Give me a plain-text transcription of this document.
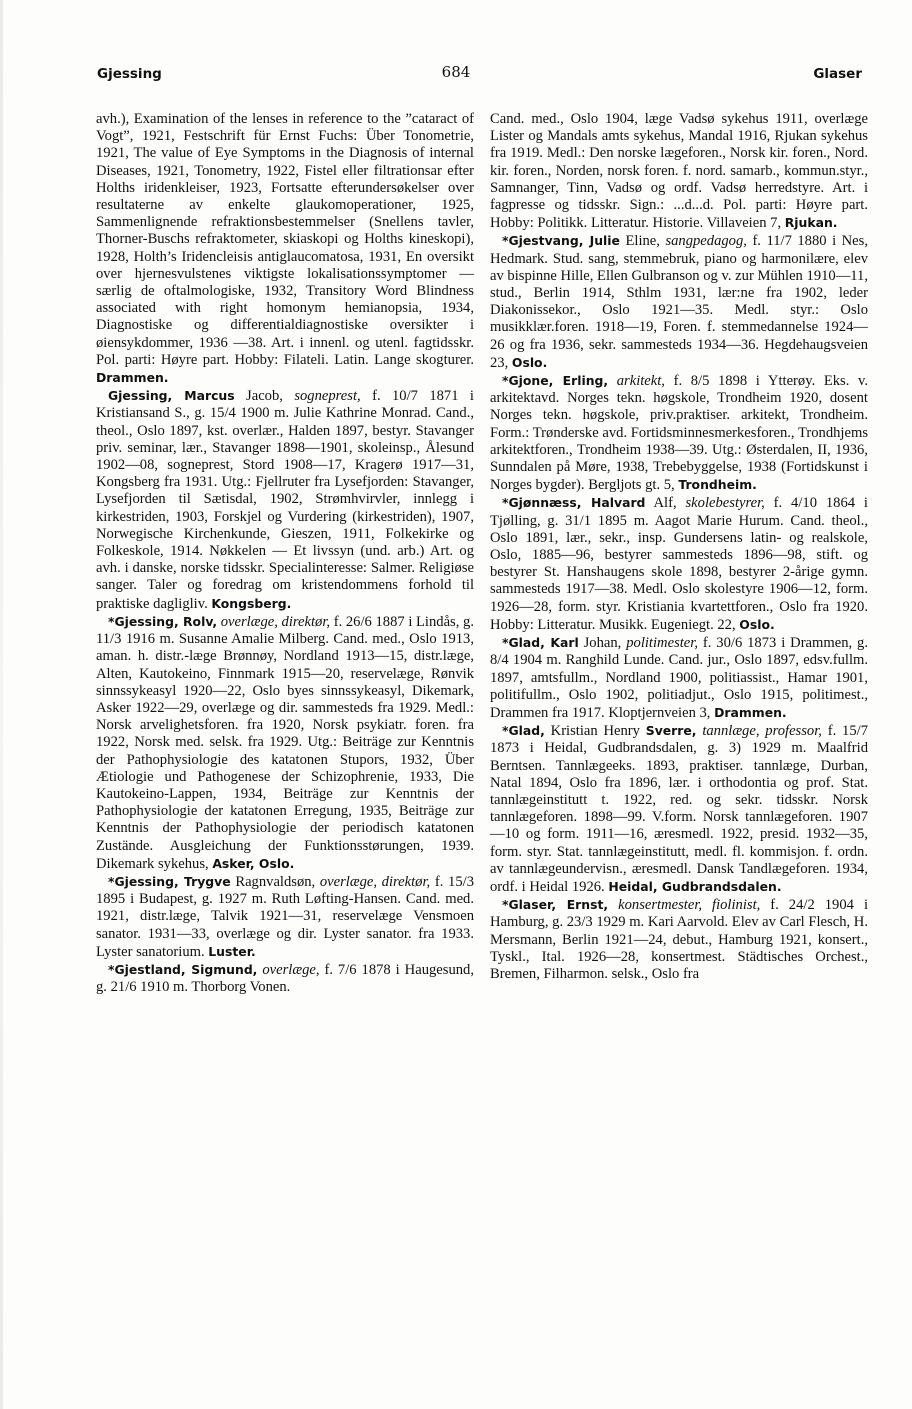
Gjessing	684	Glaser

avh.), Examination of the lenses in reference to the ”cataract of Vogt”, 1921, Festschrift für Ernst Fuchs: Über Tonometrie, 1921, The value of Eye Symptoms in the Diagnosis of internal Diseases, 1921, Tonometry, 1922, Fistel eller filtrationsar efter Holths iridenkleiser, 1923, Fortsatte efterundersøkelser over resultaterne av enkelte glaukomoperationer, 1925, Sammenlignende refraktionsbestemmelser (Snellens tavler, Thorner-Buschs refraktometer, skiaskopi og Holths kineskopi), 1928, Holth’s Iridencleisis antiglaucomatosa, 1931, En oversikt over hjernesvulstenes viktigste lokalisationssymptomer — særlig de oftalmologiske, 1932, Transitory Word Blindness associated with right homonym hemianopsia, 1934, Diagnostiske og differentialdiagnostiske oversikter i øiensykdommer, 1936 —38. Art. i innenl. og utenl. fagtidsskr. Pol. parti: Høyre part. Hobby: Filateli. Latin. Lange skogturer. Drammen.

Gjessing, Marcus Jacob, sogneprest, f. 10/7 1871 i Kristiansand S., g. 15/4 1900 m. Julie Kathrine Monrad. Cand., theol., Oslo 1897, kst. overlær., Halden 1897, bestyr. Stavanger priv. seminar, lær., Stavanger 1898—1901, skoleinsp., Ålesund 1902—08, sogneprest, Stord 1908—17, Kragerø 1917—31, Kongsberg fra 1931. Utg.: Fjellruter fra Lysefjorden: Stavanger, Lysefjorden til Sætisdal, 1902, Strømhvirvler, innlegg i kirkestriden, 1903, Forskjel og Vurdering (kirkestriden), 1907, Norwegische Kirchenkunde, Gieszen, 1911, Folkekirke og Folkeskole, 1914. Nøkkelen — Et livssyn (und. arb.) Art. og avh. i danske, norske tidsskr. Specialinteresse: Salmer. Religiøse sanger. Taler og foredrag om kristendommens forhold til praktiske dagligliv. Kongsberg.

*Gjessing, Rolv, overlæge, direktør, f. 26/6 1887 i Lindås, g. 11/3 1916 m. Susanne Amalie Milberg. Cand. med., Oslo 1913, aman. h. distr.-læge Brønnøy, Nordland 1913—15, distr.læge, Alten, Kautokeino, Finnmark 1915—20, reservelæge, Rønvik sinnssykeasyl 1920—22, Oslo byes sinnssykeasyl, Dikemark, Asker 1922—29, overlæge og dir. sammesteds fra 1929. Medl.: Norsk arvelighetsforen. fra 1920, Norsk psykiatr. foren. fra 1922, Norsk med. selsk. fra 1929. Utg.: Beiträge zur Kenntnis der Pathophysiologie des katatonen Stupors, 1932, Über Ætiologie und Pathogenese der Schizophrenie, 1933, Die Kautokeino-Lappen, 1934, Beiträge zur Kenntnis der Pathophysiologie der katatonen Erregung, 1935, Beiträge zur Kenntnis der Pathophysiologie der periodisch katatonen Zustände. Ausgleichung der Funktionsstørungen, 1939. Dikemark sykehus, Asker, Oslo.

*Gjessing, Trygve Ragnvaldsøn, overlæge, direktør, f. 15/3 1895 i Budapest, g. 1927 m. Ruth Løfting-Hansen. Cand. med. 1921, distr.læge, Talvik 1921—31, reservelæge Vensmoen sanator. 1931—33, overlæge og dir. Lyster sanator. fra 1933. Lyster sanatorium. Luster.

*Gjestland, Sigmund, overlæge, f. 7/6 1878 i Haugesund, g. 21/6 1910 m. Thorborg Vonen.

Cand. med., Oslo 1904, læge Vadsø sykehus 1911, overlæge Lister og Mandals amts sykehus, Mandal 1916, Rjukan sykehus fra 1919. Medl.: Den norske lægeforen., Norsk kir. foren., Nord. kir. foren., Norden, norsk foren. f. nord. samarb., kommun.styr., Samnanger, Tinn, Vadsø og ordf. Vadsø herredstyre. Art. i fagpresse og tidsskr. Sign.: ...d...d. Pol. parti: Høyre part. Hobby: Politikk. Litteratur. Historie. Villaveien 7, Rjukan.

*Gjestvang, Julie Eline, sangpedagog, f. 11/7 1880 i Nes, Hedmark. Stud. sang, stemmebruk, piano og harmonilære, elev av bispinne Hille, Ellen Gulbranson og v. zur Mühlen 1910—11, stud., Berlin 1914, Sthlm 1931, lær:ne fra 1902, leder Diakonissekor., Oslo 1921—35. Medl. styr.: Oslo musikklær.foren. 1918—19, Foren. f. stemmedannelse 1924—26 og fra 1936, sekr. sammesteds 1934—36. Hegdehaugsveien 23, Oslo.

*Gjone, Erling, arkitekt, f. 8/5 1898 i Ytterøy. Eks. v. arkitektavd. Norges tekn. høgskole, Trondheim 1920, dosent Norges tekn. høgskole, priv.praktiser. arkitekt, Trondheim. Form.: Trønderske avd. Fortidsminnesmerkesforen., Trondhjems arkitektforen., Trondheim 1938—39. Utg.: Østerdalen, II, 1936, Sunndalen på Møre, 1938, Trebebyggelse, 1938 (Fortidskunst i Norges bygder). Bergljots gt. 5, Trondheim.

*Gjønnæss, Halvard Alf, skolebestyrer, f. 4/10 1864 i Tjølling, g. 31/1 1895 m. Aagot Marie Hurum. Cand. theol., Oslo 1891, lær., sekr., insp. Gundersens latin- og realskole, Oslo, 1885—96, bestyrer sammesteds 1896—98, stift. og bestyrer St. Hanshaugens skole 1898, bestyrer 2-årige gymn. sammesteds 1917—38. Medl. Oslo skolestyre 1906—12, form. 1926—28, form. styr. Kristiania kvartettforen., Oslo fra 1920. Hobby: Litteratur. Musikk. Eugeniegt. 22, Oslo.

*Glad, Karl Johan, politimester, f. 30/6 1873 i Drammen, g. 8/4 1904 m. Ranghild Lunde. Cand. jur., Oslo 1897, edsv.fullm. 1897, amtsfullm., Nordland 1900, politiassist., Hamar 1901, politifullm., Oslo 1902, politiadjut., Oslo 1915, politimest., Drammen fra 1917. Kloptjernveien 3, Drammen.

*Glad, Kristian Henry Sverre, tannlæge, professor, f. 15/7 1873 i Heidal, Gudbrandsdalen, g. 3) 1929 m. Maalfrid Berntsen. Tannlægeeks. 1893, praktiser. tannlæge, Durban, Natal 1894, Oslo fra 1896, lær. i orthodontia og prof. Stat. tannlægeinstitutt t. 1922, red. og sekr. tidsskr. Norsk tannlægeforen. 1898—99. V.form. Norsk tannlægeforen. 1907—10 og form. 1911—16, æresmedl. 1922, presid. 1932—35, form. styr. Stat. tannlægeinstitutt, medl. fl. kommisjon. f. ordn. av tannlægeundervisn., æresmedl. Dansk Tandlægeforen. 1934, ordf. i Heidal 1926. Heidal, Gudbrandsdalen.

*Glaser, Ernst, konsertmester, fiolinist, f. 24/2 1904 i Hamburg, g. 23/3 1929 m. Kari Aarvold. Elev av Carl Flesch, H. Mersmann, Berlin 1921—24, debut., Hamburg 1921, konsert., Tyskl., Ital. 1926—28, konsertmest. Städtisches Orchest., Bremen, Filharmon. selsk., Oslo fra
